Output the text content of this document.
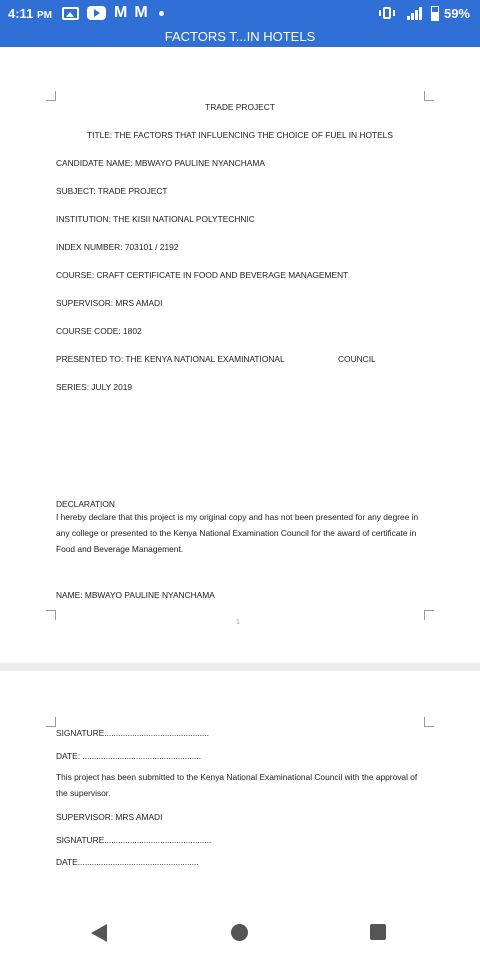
4:11 PM	M M	59%
FACTORS T...IN HOTELS
TRADE PROJECT
TITLE: THE FACTORS THAT INFLUENCING THE CHOICE OF FUEL IN HOTELS
CANDIDATE NAME: MBWAYO PAULINE NYANCHAMA
SUBJECT: TRADE PROJECT
INSTITUTION: THE KISII NATIONAL POLYTECHNIC
INDEX NUMBER: 703101 / 2192
COURSE: CRAFT CERTIFICATE IN FOOD AND BEVERAGE MANAGEMENT
SUPERVISOR: MRS AMADI
COURSE CODE: 1802
PRESENTED TO: THE KENYA NATIONAL EXAMINATIONAL	COUNCIL
SERIES: JULY 2019
DECLARATION
I hereby declare that this project is my original copy and has not been presented for any degree in any college or presented to the Kenya National Examination Council for the award of certificate in Food and Beverage Management.
NAME: MBWAYO PAULINE NYANCHAMA
1
SIGNATURE.............................................
DATE: ...................................................
This project has been submitted to the Kenya National Examinational Council with the approval of the supervisor.
SUPERVISOR: MRS AMADI
SIGNATURE..............................................
DATE....................................................
